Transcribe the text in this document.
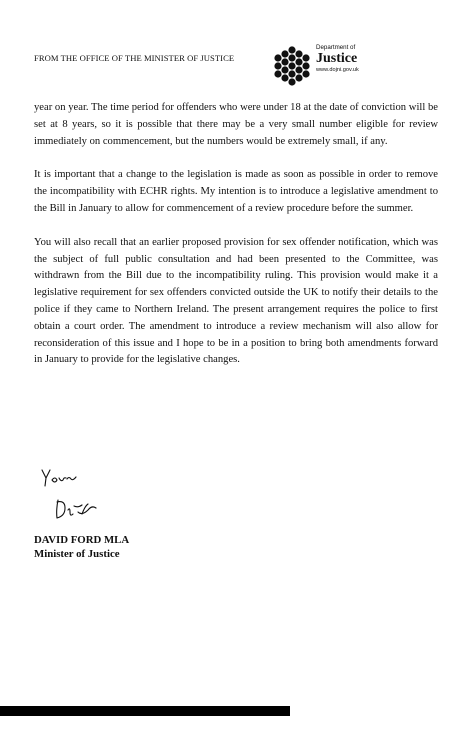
FROM THE OFFICE OF THE MINISTER OF JUSTICE
Department of
Justice
www.dojni.gov.uk

year on year. The time period for offenders who were under 18 at the date of conviction will be set at 8 years, so it is possible that there may be a very small number eligible for review immediately on commencement, but the numbers would be extremely small, if any.

It is important that a change to the legislation is made as soon as possible in order to remove the incompatibility with ECHR rights. My intention is to introduce a legislative amendment to the Bill in January to allow for commencement of a review procedure before the summer.

You will also recall that an earlier proposed provision for sex offender notification, which was the subject of full public consultation and had been presented to the Committee, was withdrawn from the Bill due to the incompatibility ruling. This provision would make it a legislative requirement for sex offenders convicted outside the UK to notify their details to the police if they came to Northern Ireland. The present arrangement requires the police to first obtain a court order. The amendment to introduce a review mechanism will also allow for reconsideration of this issue and I hope to be in a position to bring both amendments forward in January to provide for the legislative changes.

DAVID FORD MLA
Minister of Justice
